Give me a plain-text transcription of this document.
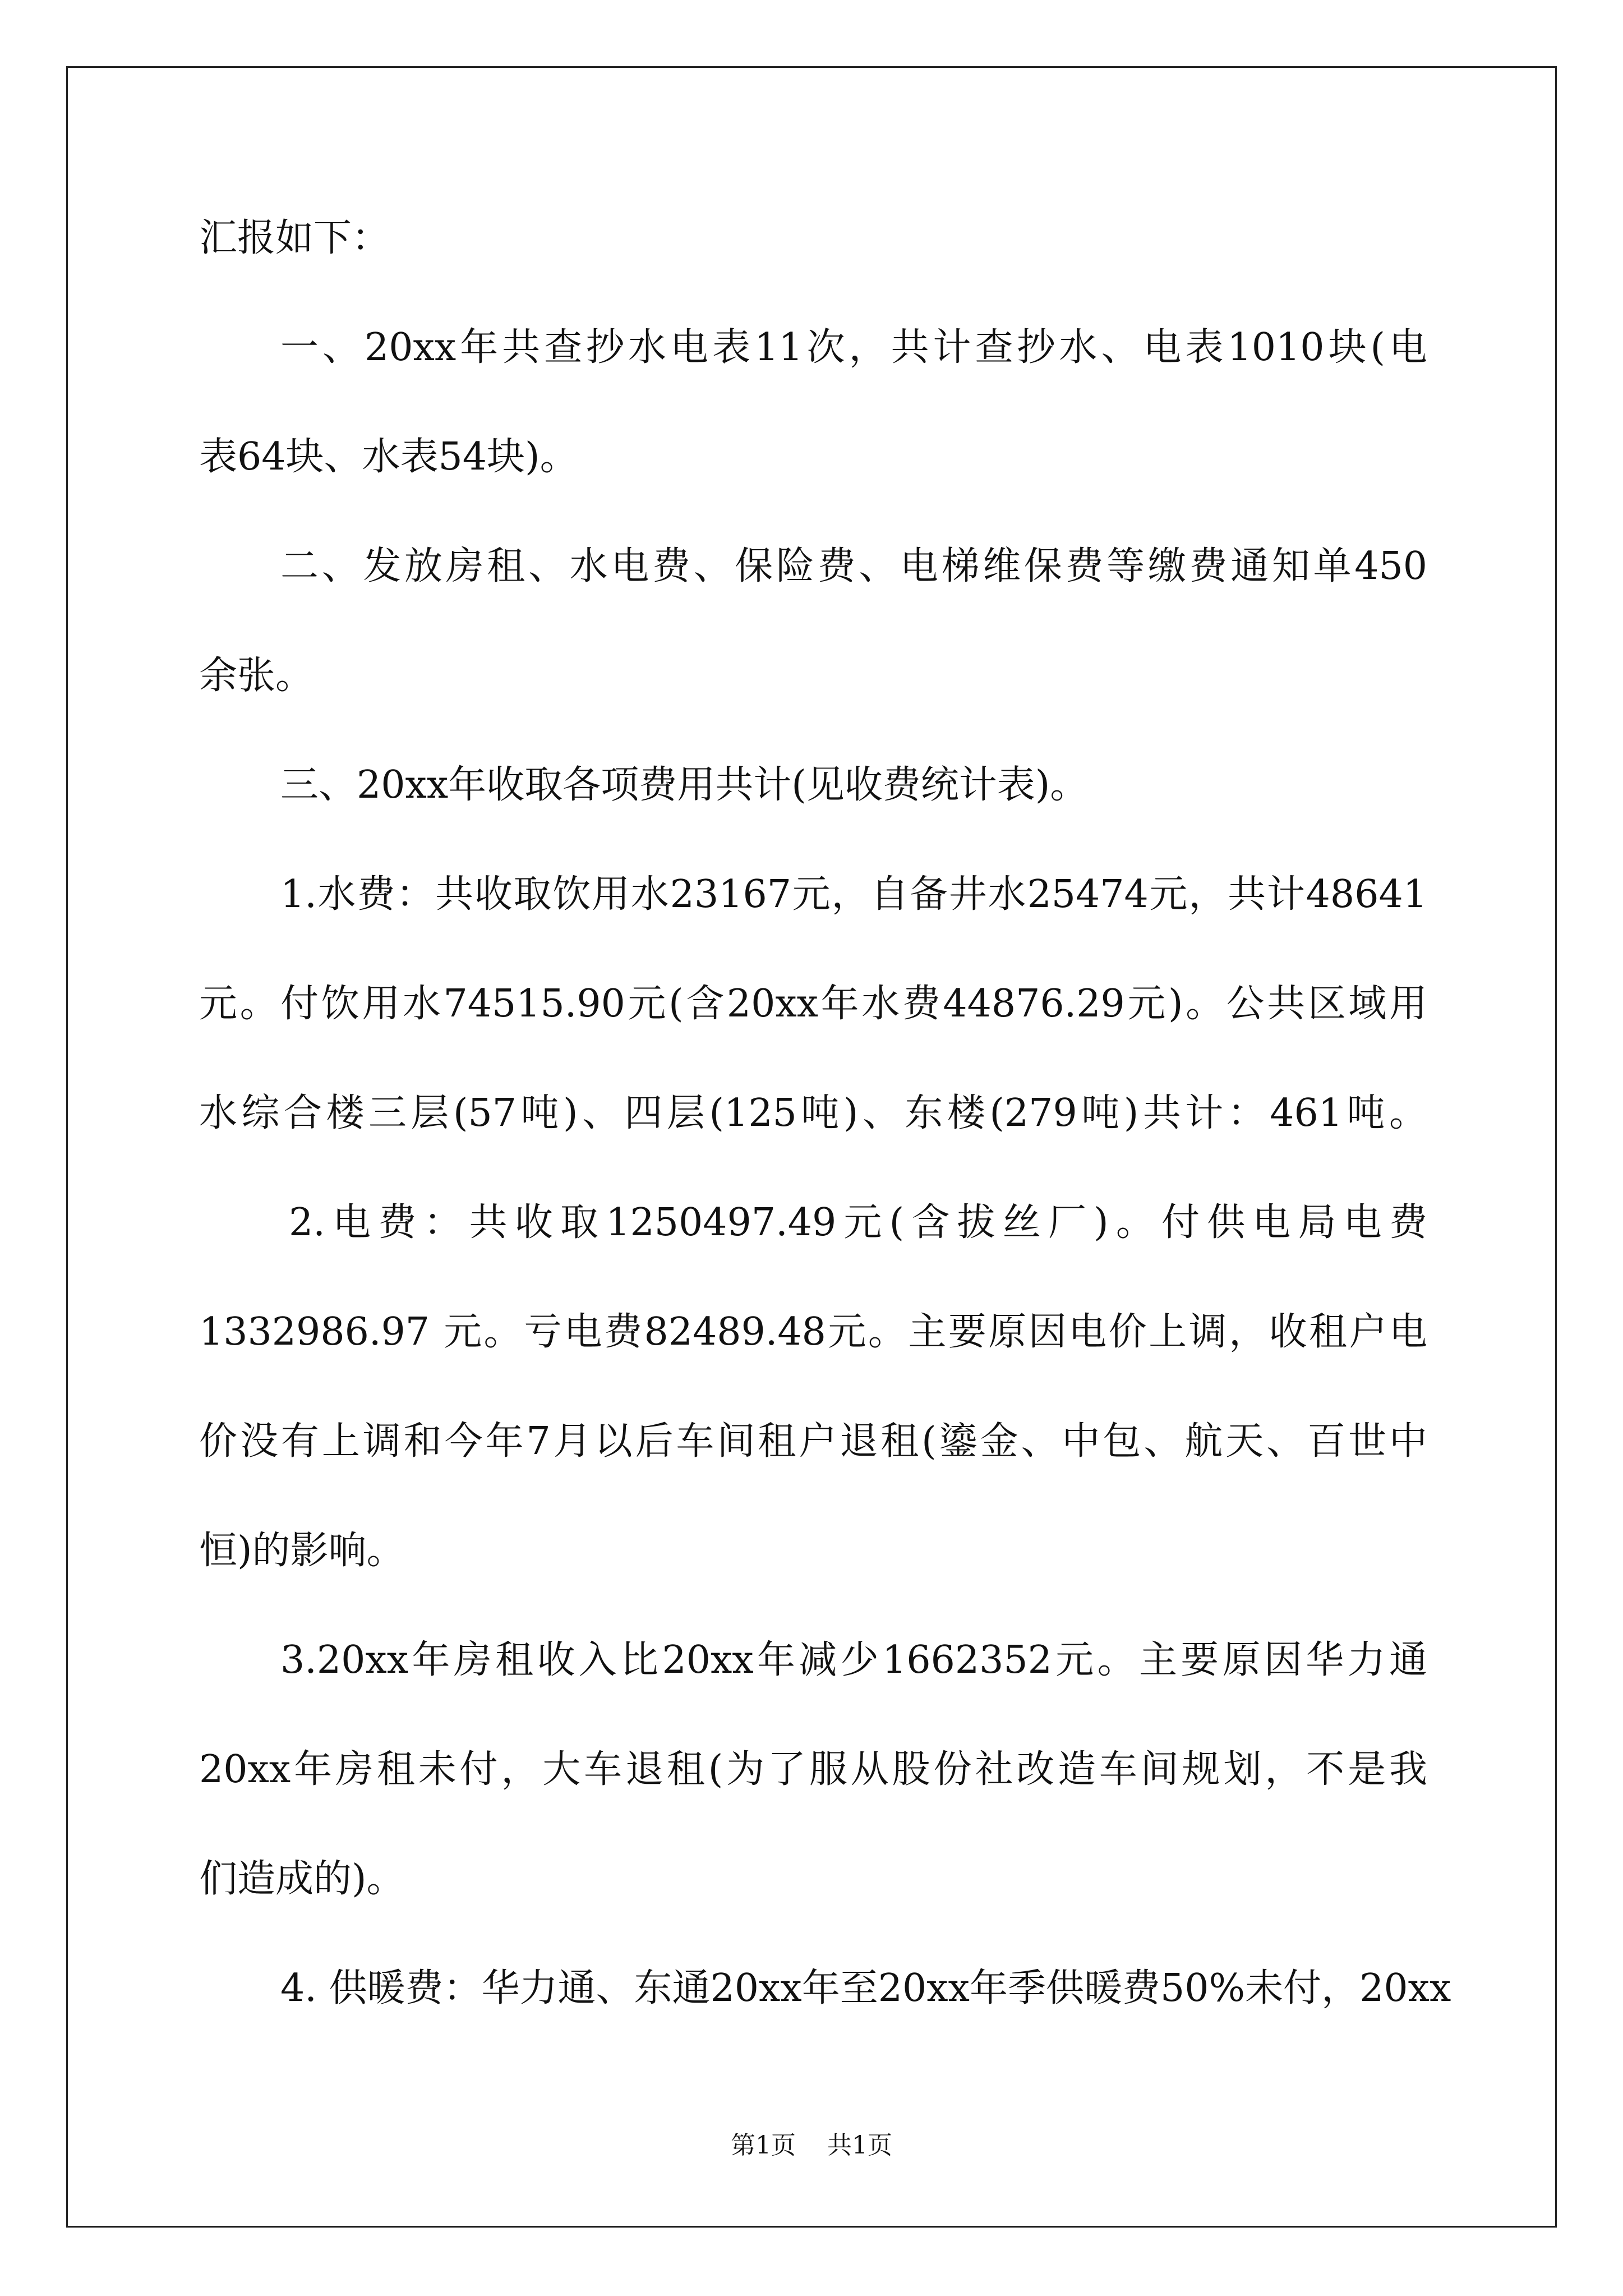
汇报如下：
一、20xx年共查抄水电表11次，共计查抄水、电表1010块(电
表64块、水表54块)。
二、发放房租、水电费、保险费、电梯维保费等缴费通知单450
余张。
三、20xx年收取各项费用共计(见收费统计表)。
1.水费：共收取饮用水23167元，自备井水25474元，共计48641
元。付饮用水74515.90元(含20xx年水费44876.29元)。公共区域用
水综合楼三层(57吨)、四层(125吨)、东楼(279吨)共计：461吨。
2.电费：共收取1250497.49元(含拔丝厂)。付供电局电费
1332986.97 元。亏电费82489.48元。主要原因电价上调，收租户电
价没有上调和今年7月以后车间租户退租(鎏金、中包、航天、百世中
恒)的影响。
3.20xx年房租收入比20xx年减少1662352元。主要原因华力通
20xx年房租未付，大车退租(为了服从股份社改造车间规划，不是我
们造成的)。
4. 供暖费：华力通、东通20xx年至20xx年季供暖费50%未付，20xx
第1页 共1页
